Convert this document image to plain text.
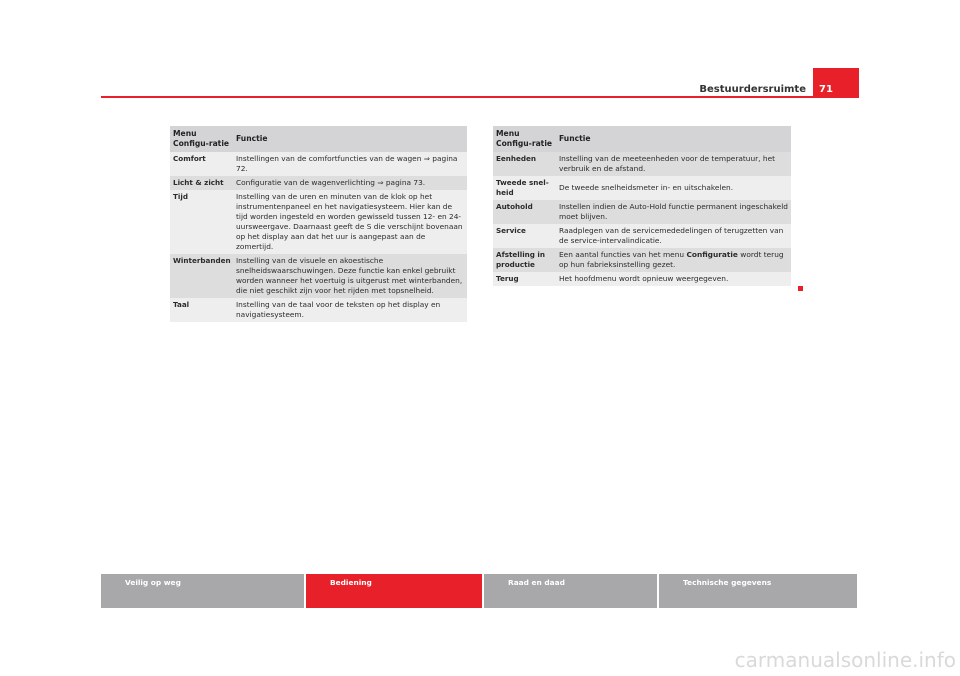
Bestuurdersruimte	71
Menu Configu-ratie	Functie
Comfort	Instellingen van de comfortfuncties van de wagen ⇒ pagina 72.
Licht & zicht	Configuratie van de wagenverlichting ⇒ pagina 73.
Tijd	Instelling van de uren en minuten van de klok op het instrumentenpaneel en het navigatiesysteem. Hier kan de tijd worden ingesteld en worden gewisseld tussen 12- en 24-uursweergave. Daarnaast geeft de S die verschijnt bovenaan op het display aan dat het uur is aangepast aan de zomertijd.
Winterbanden	Instelling van de visuele en akoestische snelheidswaarschuwingen. Deze functie kan enkel gebruikt worden wanneer het voertuig is uitgerust met winterbanden, die niet geschikt zijn voor het rijden met topsnelheid.
Taal	Instelling van de taal voor de teksten op het display en navigatiesysteem.
Menu Configu-ratie	Functie
Eenheden	Instelling van de meeteenheden voor de temperatuur, het verbruik en de afstand.
Tweede snel-heid	De tweede snelheidsmeter in- en uitschakelen.
Autohold	Instellen indien de Auto-Hold functie permanent ingeschakeld moet blijven.
Service	Raadplegen van de servicemededelingen of terugzetten van de service-intervalindicatie.
Afstelling in productie	Een aantal functies van het menu Configuratie wordt terug op hun fabrieksinstelling gezet.
Terug	Het hoofdmenu wordt opnieuw weergegeven.
Veilig op weg	Bediening	Raad en daad	Technische gegevens
carmanualsonline.info
